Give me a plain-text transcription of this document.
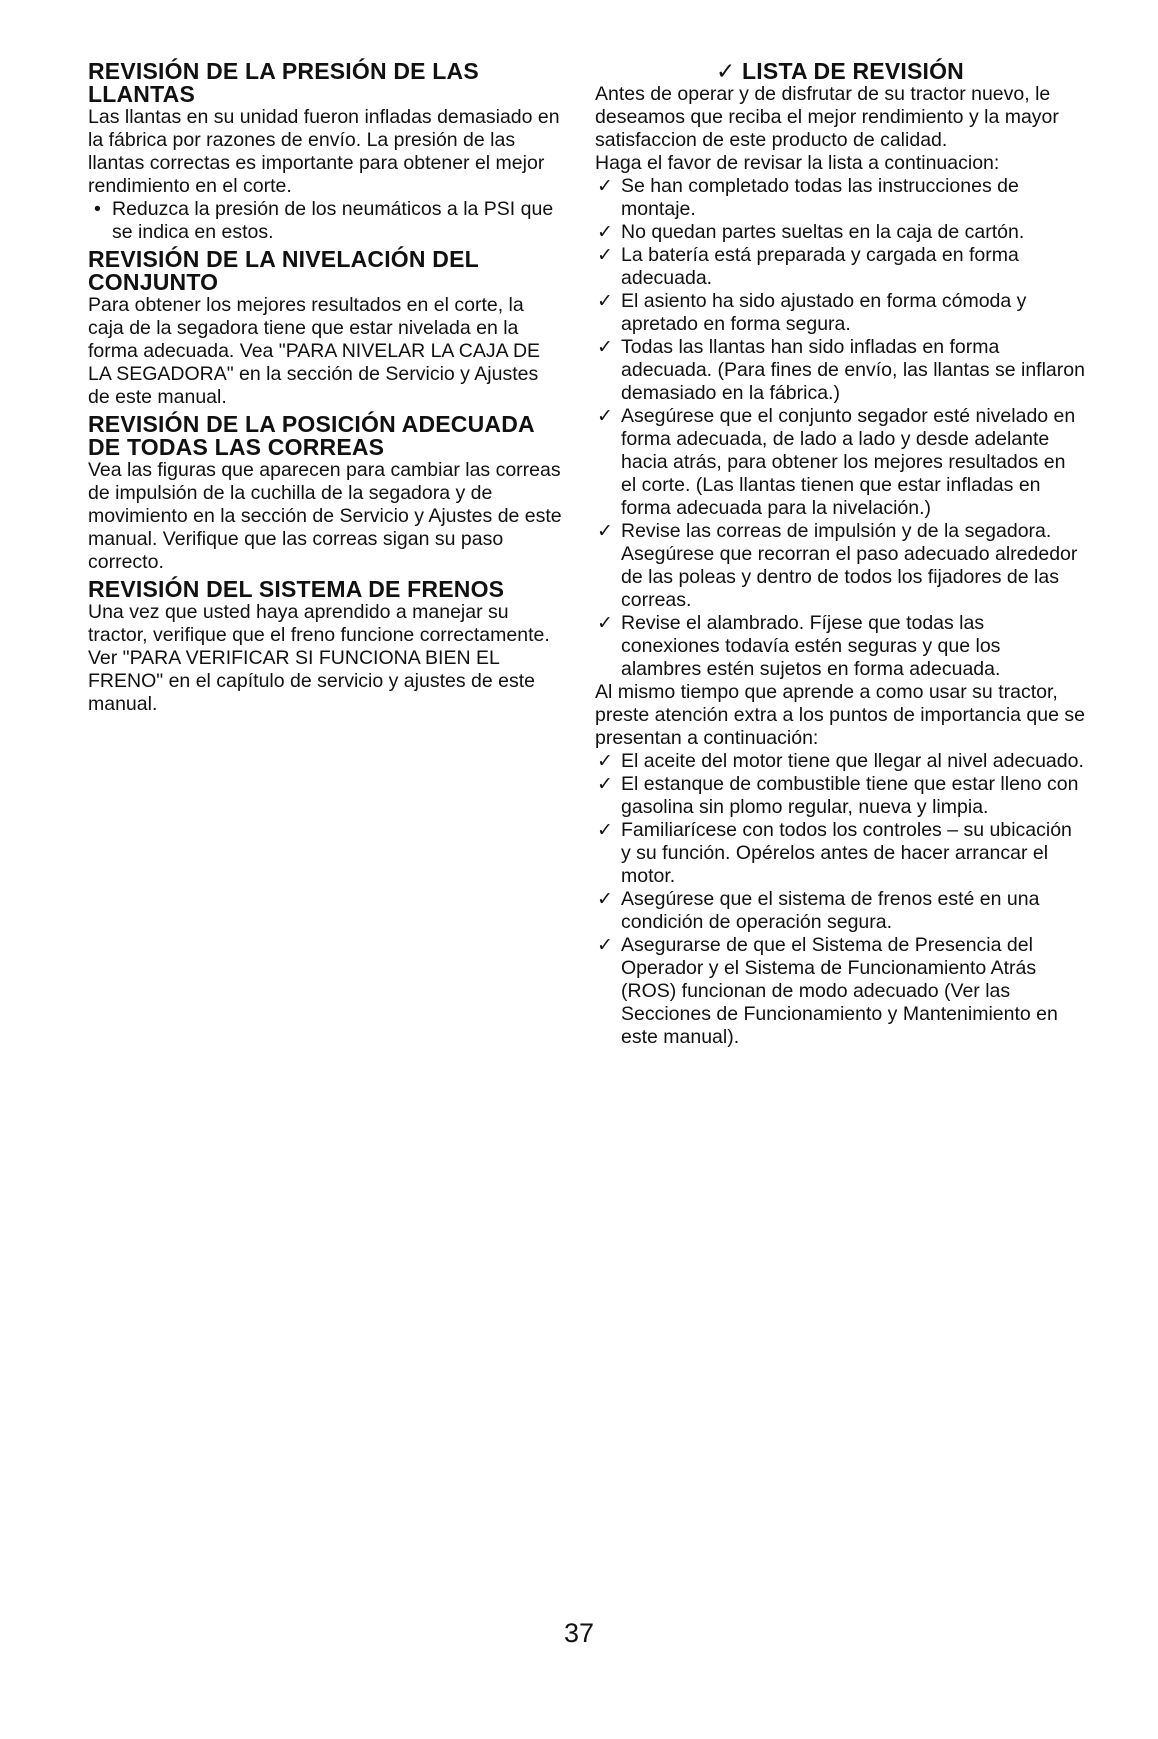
REVISIÓN DE LA PRESIÓN DE LAS LLANTAS

Las llantas en su unidad fueron infladas demasiado en la fábrica por razones de envío. La presión de las llantas correctas es importante para obtener el mejor rendimiento en el corte.

• Reduzca la presión de los neumáticos a la PSI que se indica en estos.
REVISIÓN DE LA NIVELACIÓN DEL CONJUNTO

Para obtener los mejores resultados en el corte, la caja de la segadora tiene que estar nivelada en la forma adecuada. Vea "PARA NIVELAR LA CAJA DE LA SEGADORA" en la sección de Servicio y Ajustes de este manual.

REVISIÓN DE LA POSICIÓN ADECUADA DE TODAS LAS CORREAS

Vea las figuras que aparecen para cambiar las correas de impulsión de la cuchilla de la segadora y de movimiento en la sección de Servicio y Ajustes de este manual. Verifique que las correas sigan su paso correcto.

REVISIÓN DEL SISTEMA DE FRENOS

Una vez que usted haya aprendido a manejar su tractor, verifique que el freno funcione correctamente. Ver "PARA VERIFICAR SI FUNCIONA BIEN EL FRENO" en el capítulo de servicio y ajustes de este manual.

✓ LISTA DE REVISIÓN

Antes de operar y de disfrutar de su tractor nuevo, le deseamos que reciba el mejor rendimiento y la mayor satisfaccion de este producto de calidad.

Haga el favor de revisar la lista a continuacion:

✓ Se han completado todas las instrucciones de montaje.
✓ No quedan partes sueltas en la caja de cartón.
✓ La batería está preparada y cargada en forma adecuada.
✓ El asiento ha sido ajustado en forma cómoda y apretado en forma segura.
✓ Todas las llantas han sido infladas en forma adecuada. (Para fines de envío, las llantas se inflaron demasiado en la fábrica.)
✓ Asegúrese que el conjunto segador esté nivelado en forma adecuada, de lado a lado y desde adelante hacia atrás, para obtener los mejores resultados en el corte. (Las llantas tienen que estar infladas en forma adecuada para la nivelación.)
✓ Revise las correas de impulsión y de la segadora. Asegúrese que recorran el paso adecuado alrededor de las poleas y dentro de todos los fijadores de las correas.
✓ Revise el alambrado. Fíjese que todas las conexiones todavía estén seguras y que los alambres estén sujetos en forma adecuada.

Al mismo tiempo que aprende a como usar su tractor, preste atención extra a los puntos de importancia que se presentan a continuación:

✓ El aceite del motor tiene que llegar al nivel adecuado.
✓ El estanque de combustible tiene que estar lleno con gasolina sin plomo regular, nueva y limpia.
✓ Familiarícese con todos los controles – su ubicación y su función. Opérelos antes de hacer arrancar el motor.
✓ Asegúrese que el sistema de frenos esté en una condición de operación segura.
✓ Asegurarse de que el Sistema de Presencia del Operador y el Sistema de Funcionamiento Atrás (ROS) funcionan de modo adecuado (Ver las Secciones de Funcionamiento y Mantenimiento en este manual).
37
